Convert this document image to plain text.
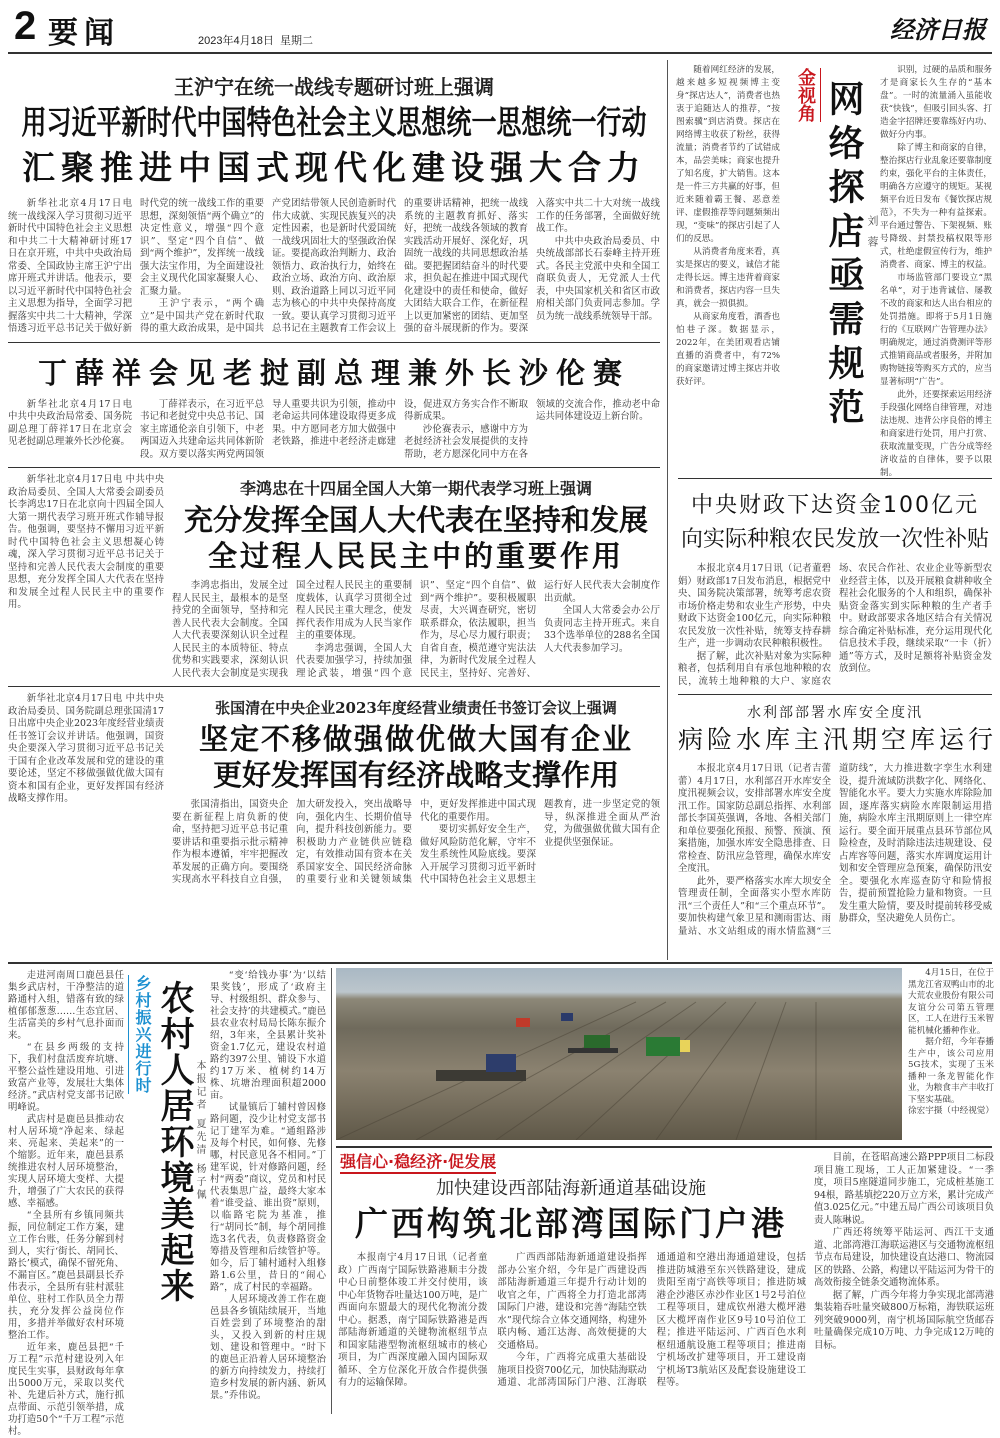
2 要闻	2023年4月18日 星期二	经济日报
王沪宁在统一战线专题研讨班上强调
用习近平新时代中国特色社会主义思想统一思想统一行动
汇聚推进中国式现代化建设强大合力

新华社北京4月17日电 统一战线深入学习贯彻习近平新时代中国特色社会主义思想和中共二十大精神研讨班17日在京开班，中共中央政治局常委、全国政协主席王沪宁出席开班式并讲话。他表示，要以习近平新时代中国特色社会主义思想为指导，全面学习把握落实中共二十大精神，学深悟透习近平总书记关于做好新时代党的统一战线工作的重要思想，深刻领悟“两个确立”的决定性意义，增强“四个意识”、坚定“四个自信”、做到“两个维护”，发挥统一战线强大法宝作用，为全面建设社会主义现代化国家凝聚人心、汇聚力量。

王沪宁表示，“两个确立”是中国共产党在新时代取得的重大政治成果，是中国共产党团结带领人民创造新时代伟大成就、实现民族复兴的决定性因素，也是新时代爱国统一战线巩固壮大的坚强政治保证。要提高政治判断力、政治领悟力、政治执行力，始终在政治立场、政治方向、政治原则、政治道路上同以习近平同志为核心的中共中央保持高度一致。要认真学习贯彻习近平总书记在主题教育工作会议上的重要讲话精神，把统一战线系统的主题教育抓好、落实好，把统一战线各领域的教育实践活动开展好、深化好，巩固统一战线的共同思想政治基础。要把握团结奋斗的时代要求，担负起在推进中国式现代化建设中的责任和使命，做好大团结大联合工作，在新征程上以更加紧密的团结、更加坚强的奋斗展现新的作为。要深入落实中共二十大对统一战线工作的任务部署，全面做好统战工作。

中共中央政治局委员、中央统战部部长石泰峰主持开班式。各民主党派中央和全国工商联负责人，无党派人士代表，中央国家机关和省区市政府相关部门负责同志参加。学员为统一战线系统领导干部。

丁薛祥会见老挝副总理兼外长沙伦赛

新华社北京4月17日电 中共中央政治局常委、国务院副总理丁薛祥17日在北京会见老挝副总理兼外长沙伦赛。

丁薛祥表示，在习近平总书记和老挝党中央总书记、国家主席通伦亲自引领下，中老两国迈入共建命运共同体新阶段。双方要以落实两党两国领导人重要共识为引领，推动中老命运共同体建设取得更多成果。中方愿同老方加大做强中老铁路，推进中老经济走廊建设，促进双方务实合作不断取得新成果。

沙伦赛表示，感谢中方为老挝经济社会发展提供的支持帮助，老方愿深化同中方在各领域的交流合作，推动老中命运共同体建设迈上新台阶。

新华社北京4月17日电 中共中央政治局委员、全国人大常委会副委员长李鸿忠17日在北京向十四届全国人大第一期代表学习班开班式作辅导报告。他强调，要坚持不懈用习近平新时代中国特色社会主义思想凝心铸魂，深入学习贯彻习近平总书记关于坚持和完善人民代表大会制度的重要思想，充分发挥全国人大代表在坚持和发展全过程人民民主中的重要作用。

李鸿忠在十四届全国人大第一期代表学习班上强调
充分发挥全国人大代表在坚持和发展
全过程人民民主中的重要作用

李鸿忠指出，发展全过程人民民主，最根本的是坚持党的全面领导，坚持和完善人民代表大会制度。全国人大代表要深刻认识全过程人民民主的本质特征、特点优势和实践要求，深刻认识人民代表大会制度是实现我国全过程人民民主的重要制度载体，认真学习贯彻全过程人民民主重大理念，使发挥代表作用成为人民当家作主的重要体现。

李鸿忠强调，全国人大代表要加强学习，持续加强理论武装，增强“四个意识”、坚定“四个自信”、做到“两个维护”。要积极履职尽责，大兴调查研究，密切联系群众，依法履职，担当作为，尽心尽力履行职责；自省自查，模范遵守宪法法律，为新时代发展全过程人民民主，坚持好、完善好、运行好人民代表大会制度作出贡献。

全国人大常委会办公厅负责同志主持开班式。来自33个选举单位的288名全国人大代表参加学习。

新华社北京4月17日电 中共中央政治局委员、国务院副总理张国清17日出席中央企业2023年度经营业绩责任书签订会议并讲话。他强调，国资央企要深入学习贯彻习近平总书记关于国有企业改革发展和党的建设的重要论述，坚定不移做强做优做大国有资本和国有企业，更好发挥国有经济战略支撑作用。

张国清在中央企业2023年度经营业绩责任书签订会议上强调
坚定不移做强做优做大国有企业
更好发挥国有经济战略支撑作用

张国清指出，国资央企要在新征程上肩负新的使命，坚持把习近平总书记重要讲话和重要指示批示精神作为根本遵循，牢牢把握改革发展的正确方向。要围绕实现高水平科技自立自强，加大研发投入，突出战略导向，强化内生、长期价值导向，提升科技创新能力。要积极助力产业链供应链稳定，有效推动国有资本在关系国家安全、国民经济命脉的重要行业和关键领域集中，更好发挥推进中国式现代化的重要作用。

要切实抓好安全生产，做好风险防范化解，守牢不发生系统性风险底线。要深入开展学习贯彻习近平新时代中国特色社会主义思想主题教育，进一步坚定党的领导，纵深推进全面从严治党，为做强做优做大国有企业提供坚强保证。

随着网红经济的发展，越来越多短视频博主变身“探店达人”，消费者也热衷于追随达人的推荐，“按图索骥”到店消费。探店在网络博主收获了粉丝，获得流量；消费者节约了试错成本，品尝美味；商家也提升了知名度，扩大销售。这本是一件三方共赢的好事，但近来随着霸王餐、恶意差评、虚假推荐等问题频频出现，“变味”的探店引起了人们的反思。

从消费者角度来看，真实是探店的要义，诚信才能走得长远。博主违背着商家和消费者，探店内容一旦失真，就会一损俱损。

从商家角度看，酒香也怕巷子深。数据显示，2022年，在美团观看店铺直播的消费者中，有72%的商家邀请过博主探店并收获好评。

金视角 网络探店亟需规范 刘蓉

识别，过硬的品质和服务才是商家长久生存的“基本盘”。一时的流量涌入虽能收获“快钱”，但吸引回头客、打造金字招牌还要靠练好内功、做好分内事。

除了博主和商家的自律，整治探店行业乱象还要靠制度约束，强化平台的主体责任，明确各方应遵守的规矩。某视频平台近日发布《餐饮探店规范》，不失为一种有益探索。平台通过警告、下架视频、账号降级、封禁投稿权限等形式，杜绝虚假宣传行为，维护消费者、商家、博主的权益。

市场监管部门要设立“黑名单”，对于违背诚信、屡教不改的商家和达人出台相应的处罚措施。即将于5月1日施行的《互联网广告管理办法》明确规定，通过消费测评等形式推销商品或者服务，并附加购物链接等购买方式的，应当显著标明“广告”。

此外，还要探索运用经济手段强化网络自律管理，对违法违规、违背公序良俗的博主和商家进行处罚，用户打赏、获取流量变现，广告分成等经济收益的自律体，要予以限制。

中央财政下达资金100亿元
向实际种粮农民发放一次性补贴

本报北京4月17日讯（记者董碧娟）财政部17日发布消息，根据党中央、国务院决策部署，统筹考虑农资市场价格走势和农业生产形势，中央财政下达资金100亿元，向实际种粮农民发放一次性补贴，统筹支持春耕生产，进一步调动农民种粮积极性。

据了解，此次补贴对象为实际种粮者，包括利用自有承包地种粮的农民，流转土地种粮的大户、家庭农场、农民合作社、农业企业等新型农业经营主体，以及开展粮食耕种收全程社会化服务的个人和组织，确保补贴资金落实到实际种粮的生产者手中。财政部要求各地区结合有关情况综合确定补贴标准，充分运用现代化信息技术手段，继续采取“一卡（折）通”等方式，及时足额将补贴资金发放到位。

水利部部署水库安全度汛
病险水库主汛期空库运行

本报北京4月17日讯（记者吉蕾蕾）4月17日，水利部召开水库安全度汛视频会议，安排部署水库安全度汛工作。国家防总副总指挥、水利部部长李国英强调，各地、各相关部门和单位要强化预报、预警、预演、预案措施，加强水库安全隐患排查、日常检查、防汛应急管理，确保水库安全度汛。

此外，要严格落实水库大坝安全管理责任制，全面落实小型水库防汛“三个责任人”和“三个重点环节”。要加快构建气象卫星和测雨雷达、雨量站、水文站组成的雨水情监测“三道防线”，大力推进数字孪生水利建设，提升流域防洪数字化、网络化、智能化水平。要大力实施水库除险加固，逐库落实病险水库限制运用措施，病险水库主汛期原则上一律空库运行。要全面开展重点县环节部位风险检查，及时消除违法违规建设、侵占库容等问题，落实水库调度运用计划和安全管理应急预案，确保防汛安全。要强化水库巡查防守和险情报告，提前预置抢险力量和物资。一旦发生重大险情，要及时提前转移受威胁群众，坚决避免人员伤亡。

走进河南周口鹿邑县任集乡武店村，干净整洁的道路通村入组，错落有致的绿植郁郁葱葱……生态宜居、生活富美的乡村气息扑面而来。

“在县乡两级的支持下，我们村盘活废弃坑塘、平整公益性建设用地、引进致富产业等，发展壮大集体经济。”武店村党支部书记欧明峰说。

武店村是鹿邑县推动农村人居环境“净起来、绿起来、亮起来、美起来”的一个缩影。近年来，鹿邑县系统推进农村人居环境整治，实现人居环境大变样、大提升，增强了广大农民的获得感、幸福感。

“全县所有乡镇同频共振，同位制定工作方案，建立工作台账，任务分解到村到人，实行‘街长、胡同长、路长’模式，确保不留死角、不漏盲区。”鹿邑县副县长乔伟表示，全县所有驻村派驻单位、驻村工作队员全力帮扶，充分发挥公益岗位作用，多措并举做好农村环境整治工作。

近年来，鹿邑县把“千万工程”示范村建设列入年度民生实事，县财政每年拿出5000万元，采取以奖代补、先建后补方式，施行抓点带面、示范引领举措，成功打造50个“千万工程”示范村。

乡村振兴进行时 农村人居环境美起来 本报记者 夏先清 杨子佩

“变‘给钱办事’为‘以结果奖钱’，形成了‘政府主导、村级组织、群众参与、社会支持’的共建模式。”鹿邑县农业农村局局长陈东振介绍，3年来，全县累计奖补资金1.7亿元，建设农村道路约397公里、铺设下水道约17万米、植树约14万株、坑塘治理面积超2000亩。

试量镇后丁辅村曾因修路问题，没少让村党支部书记丁建军为难。“通组路涉及每个村民，如何修、先修哪，村民意见各不相同。”丁建军说，针对修路问题，经村“两委”商议，党员和村民代表集思广益，最终大家本着“谁受益、谁出资”原则，以临路宅院为基准，推行“胡同长”制，每个胡同推选3名代表，负责修路资金筹措及管理和后续管护等。如今，后丁辅村通村入组修路1.6公里，昔日的“闹心路”，成了村民的幸福路。

人居环境改善工作在鹿邑县各乡镇陆续展开，当地百姓尝到了环境整治的甜头，又投入到新的村庄规划、建设和管理中。“时下的鹿邑正沿着人居环境整治的新方向持续发力，持续打造乡村发展的新内涵、新风景。”乔伟说。

4月15日，在位于黑龙江省双鸭山市的北大荒农业股份有限公司友谊分公司第五管理区，工人在进行玉米智能机械化播种作业。

据介绍，今年春播生产中，该公司应用5G技术，实现了玉米播种一条龙智能化作业，为粮食丰产丰收打下坚实基础。

徐宏宇摄（中经视觉）

强信心·稳经济·促发展
加快建设西部陆海新通道基础设施
广西构筑北部湾国际门户港

本报南宁4月17日讯（记者童政）广西南宁国际铁路港顺丰分拨中心日前整体竣工并交付使用，该中心年货物吞吐量达100万吨，是广西面向东盟最大的现代化物流分拨中心。据悉，南宁国际铁路港是西部陆海新通道的关键物流枢纽节点和国家陆港型物流枢纽城市的核心项目，为广西深度融入国内国际双循环、全方位深化开放合作提供强有力的运输保障。

广西西部陆海新通道建设指挥部办公室介绍，今年是广西建设西部陆海新通道三年提升行动计划的收官之年，广西将全力打造北部湾国际门户港，建设和完善“海陆空铁水”现代综合立体交通网络，构建外联内畅、通江达海、高效便捷的大交通格局。

今年，广西将完成重大基础设施项目投资700亿元，加快陆海联动通道、北部湾国际门户港、江海联通通道和空港出海通道建设，包括推进防城港至东兴铁路建设，建成贵阳至南宁高铁等项目；推进防城港企沙港区赤沙作业区1号2号泊位工程等项目，建成钦州港大榄坪港区大榄坪南作业区9号10号泊位工程；推进平陆运河、广西百色水利枢纽通航设施工程等项目；推进南宁机场改扩建等项目，开工建设南宁机场T3航站区及配套设施建设工程等。

目前，在苍昭高速公路PPP项目二标段项目施工现场，工人正加紧建设。“一季度，项目5座隧道同步施工，完成桩基施工94根，路基填挖220万立方米，累计完成产值3.025亿元。”中建五局广西公司该项目负责人陈琳说。

广西还将统筹平陆运河、西江干支通道、北部湾港江海联运港区与交通物流枢纽节点布局建设，加快建设直达港口、物流园区的铁路、公路，构建以平陆运河为骨干的高效衔接全链条交通物流体系。

据了解，广西今年将力争实现北部湾港集装箱吞吐量突破800万标箱，海铁联运班列突破9000列，南宁机场国际航空货邮吞吐量确保完成10万吨、力争完成12万吨的目标。
